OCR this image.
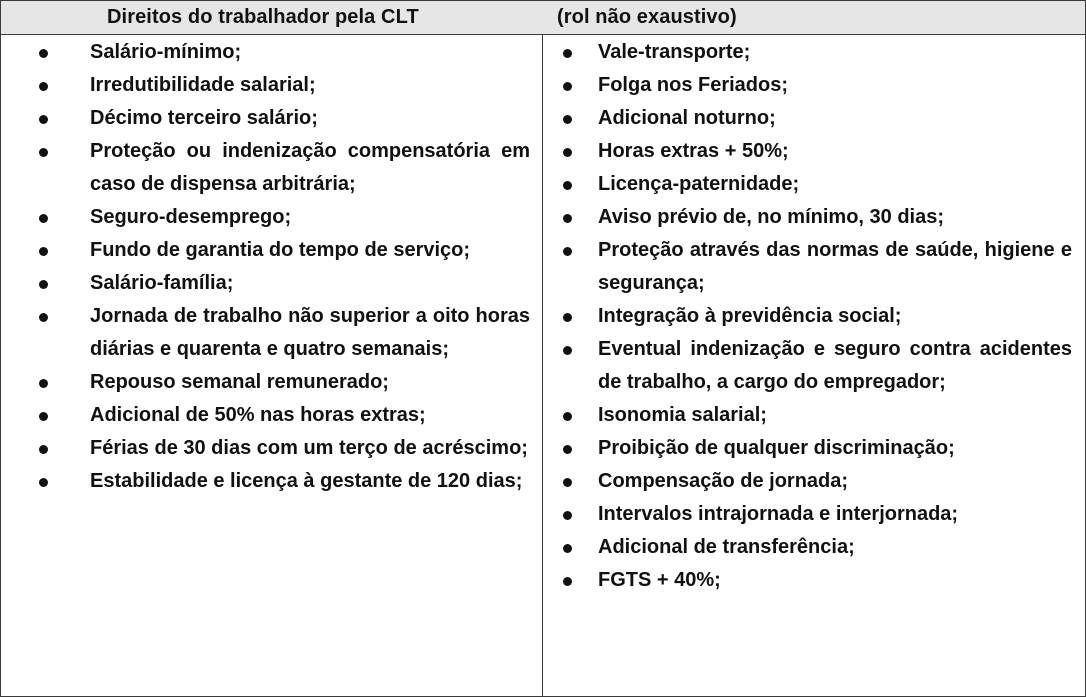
Direitos do trabalhador pela CLT	(rol não exaustivo)
Salário-mínimo;
Irredutibilidade salarial;
Décimo terceiro salário;
Proteção ou indenização compensatória em caso de dispensa arbitrária;
Seguro-desemprego;
Fundo de garantia do tempo de serviço;
Salário-família;
Jornada de trabalho não superior a oito horas diárias e quarenta e quatro semanais;
Repouso semanal remunerado;
Adicional de 50% nas horas extras;
Férias de 30 dias com um terço de acréscimo;
Estabilidade e licença à gestante de 120 dias;
Vale-transporte;
Folga nos Feriados;
Adicional noturno;
Horas extras + 50%;
Licença-paternidade;
Aviso prévio de, no mínimo, 30 dias;
Proteção através das normas de saúde, higiene e segurança;
Integração à previdência social;
Eventual indenização e seguro contra acidentes de trabalho, a cargo do empregador;
Isonomia salarial;
Proibição de qualquer discriminação;
Compensação de jornada;
Intervalos intrajornada e interjornada;
Adicional de transferência;
FGTS + 40%;
